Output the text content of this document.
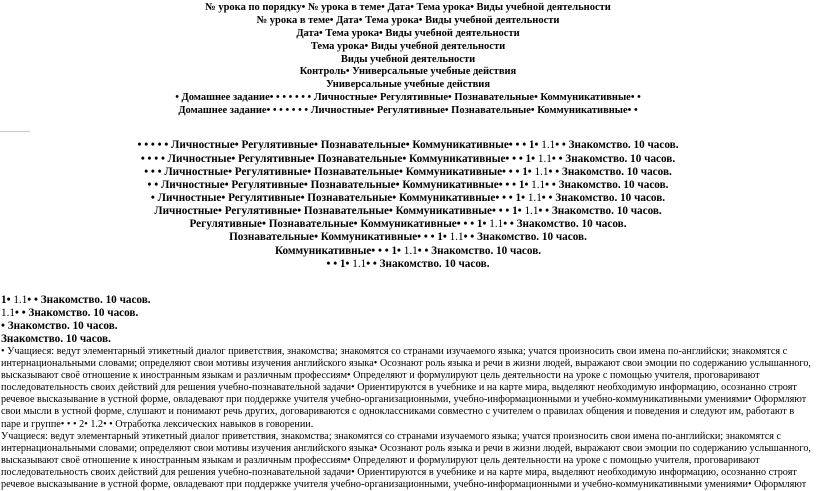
№ урока по порядку• № урока в теме• Дата• Тема урока• Виды учебной деятельности
№ урока в теме• Дата• Тема урока• Виды учебной деятельности
Дата• Тема урока• Виды учебной деятельности
Тема урока• Виды учебной деятельности
Виды учебной деятельности
Контроль• Универсальные учебные действия
Универсальные учебные действия
• Домашнее задание• • • • • • • Личностные• Регулятивные• Познавательные• Коммуникативные• •
Домашнее задание• • • • • • • Личностные• Регулятивные• Познавательные• Коммуникативные• •
• • • • • Личностные• Регулятивные• Познавательные• Коммуникативные• • • 1• 1.1• • Знакомство. 10 часов.
• • • • Личностные• Регулятивные• Познавательные• Коммуникативные• • • 1• 1.1• • Знакомство. 10 часов.
• • • Личностные• Регулятивные• Познавательные• Коммуникативные• • • 1• 1.1• • Знакомство. 10 часов.
• • Личностные• Регулятивные• Познавательные• Коммуникативные• • • 1• 1.1• • Знакомство. 10 часов.
• Личностные• Регулятивные• Познавательные• Коммуникативные• • • 1• 1.1• • Знакомство. 10 часов.
Личностные• Регулятивные• Познавательные• Коммуникативные• • • 1• 1.1• • Знакомство. 10 часов.
Регулятивные• Познавательные• Коммуникативные• • • 1• 1.1• • Знакомство. 10 часов.
Познавательные• Коммуникативные• • • 1• 1.1• • Знакомство. 10 часов.
Коммуникативные• • • 1• 1.1• • Знакомство. 10 часов.
• • 1• 1.1• • Знакомство. 10 часов.
1• 1.1• • Знакомство. 10 часов.
1.1• • Знакомство. 10 часов.
• Знакомство. 10 часов.
Знакомство. 10 часов.
• Учащиеся: ведут элементарный этикетный диалог приветствия, знакомства; знакомятся со странами изучаемого языка; учатся произносить свои имена по-английски; знакомятся с интернациональными словами; определяют свои мотивы изучения английского языка• Осознают роль языка и речи в жизни людей, выражают свои эмоции по содержанию услышанного, высказывают своё отношение к иностранным языкам и различным профессиям• Определяют и формулируют цель деятельности на уроке с помощью учителя, проговаривают последовательность своих действий для решения учебно-познавательной задачи• Ориентируются в учебнике и на карте мира, выделяют необходимую информацию, осознанно строят речевое высказывание в устной форме, овладевают при поддержке учителя учебно-организационными, учебно-информационными и учебно-коммуникативными умениями• Оформляют свои мысли в устной форме, слушают и понимают речь других, договариваются с одноклассниками совместно с учителем о правилах общения и поведения и следуют им, работают в паре и группе• • • 2• 1.2• • Отработка лексических навыков в говорении.
Учащиеся: ведут элементарный этикетный диалог приветствия, знакомства; знакомятся со странами изучаемого языка; учатся произносить свои имена по-английски; знакомятся с интернациональными словами; определяют свои мотивы изучения английского языка• Осознают роль языка и речи в жизни людей, выражают свои эмоции по содержанию услышанного, высказывают своё отношение к иностранным языкам и различным профессиям• Определяют и формулируют цель деятельности на уроке с помощью учителя, проговаривают последовательность своих действий для решения учебно-познавательной задачи• Ориентируются в учебнике и на карте мира, выделяют необходимую информацию, осознанно строят речевое высказывание в устной форме, овладевают при поддержке учителя учебно-организационными, учебно-информационными и учебно-коммуникативными умениями• Оформляют
